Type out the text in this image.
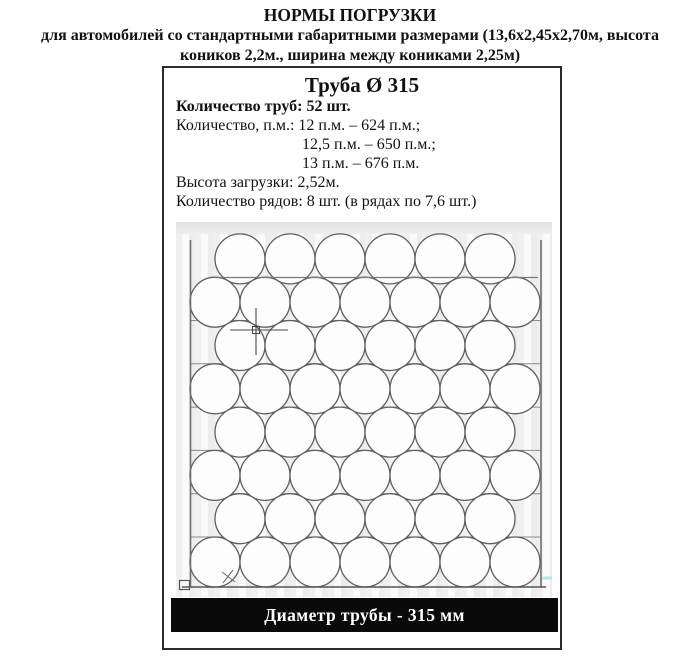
НОРМЫ ПОГРУЗКИ
для автомобилей со стандартными габаритными размерами (13,6х2,45х2,70м, высота
коников 2,2м., ширина между кониками 2,25м)
Труба Ø 315
Количество труб: 52 шт.
Количество, п.м.: 12 п.м. – 624 п.м.;
12,5 п.м. – 650 п.м.;
13 п.м. – 676 п.м.
Высота загрузки: 2,52м.
Количество рядов: 8 шт. (в рядах по 7,6 шт.)
Диаметр трубы - 315 мм
